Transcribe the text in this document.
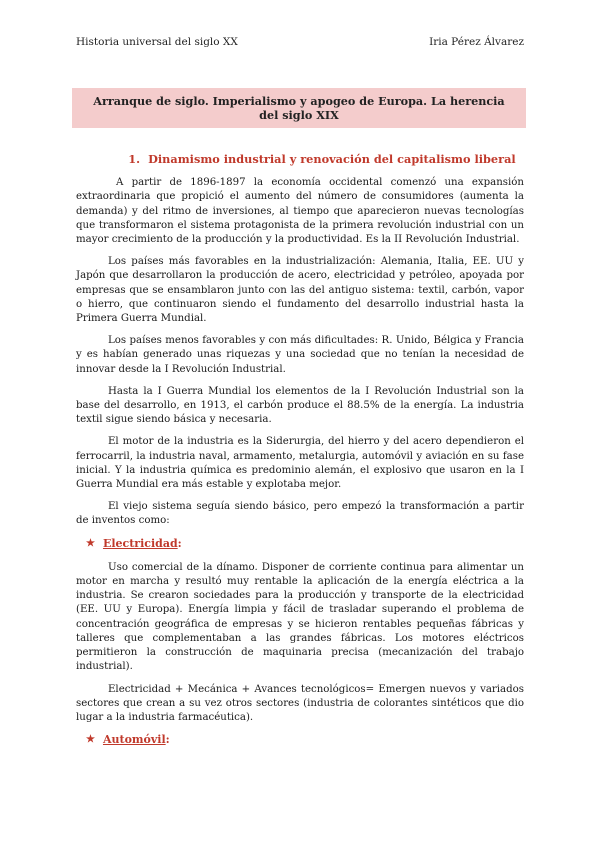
Historia universal del siglo XX	Iria Pérez Álvarez
Arranque de siglo. Imperialismo y apogeo de Europa. La herencia del siglo XIX
1. Dinamismo industrial y renovación del capitalismo liberal

A partir de 1896-1897 la economía occidental comenzó una expansión extraordinaria que propició el aumento del número de consumidores (aumenta la demanda) y del ritmo de inversiones, al tiempo que aparecieron nuevas tecnologías que transformaron el sistema protagonista de la primera revolución industrial con un mayor crecimiento de la producción y la productividad. Es la II Revolución Industrial.

Los países más favorables en la industrialización: Alemania, Italia, EE. UU y Japón que desarrollaron la producción de acero, electricidad y petróleo, apoyada por empresas que se ensamblaron junto con las del antiguo sistema: textil, carbón, vapor o hierro, que continuaron siendo el fundamento del desarrollo industrial hasta la Primera Guerra Mundial.

Los países menos favorables y con más dificultades: R. Unido, Bélgica y Francia y es habían generado unas riquezas y una sociedad que no tenían la necesidad de innovar desde la I Revolución Industrial.

Hasta la I Guerra Mundial los elementos de la I Revolución Industrial son la base del desarrollo, en 1913, el carbón produce el 88.5% de la energía. La industria textil sigue siendo básica y necesaria.

El motor de la industria es la Siderurgia, del hierro y del acero dependieron el ferrocarril, la industria naval, armamento, metalurgia, automóvil y aviación en su fase inicial. Y la industria química es predominio alemán, el explosivo que usaron en la I Guerra Mundial era más estable y explotaba mejor.

El viejo sistema seguía siendo básico, pero empezó la transformación a partir de inventos como:

★ Electricidad :

Uso comercial de la dínamo. Disponer de corriente continua para alimentar un motor en marcha y resultó muy rentable la aplicación de la energía eléctrica a la industria. Se crearon sociedades para la producción y transporte de la electricidad (EE. UU y Europa). Energía limpia y fácil de trasladar superando el problema de concentración geográfica de empresas y se hicieron rentables pequeñas fábricas y talleres que complementaban a las grandes fábricas. Los motores eléctricos permitieron la construcción de maquinaria precisa (mecanización del trabajo industrial).

Electricidad + Mecánica + Avances tecnológicos= Emergen nuevos y variados sectores que crean a su vez otros sectores (industria de colorantes sintéticos que dio lugar a la industria farmacéutica).

★ Automóvil :
